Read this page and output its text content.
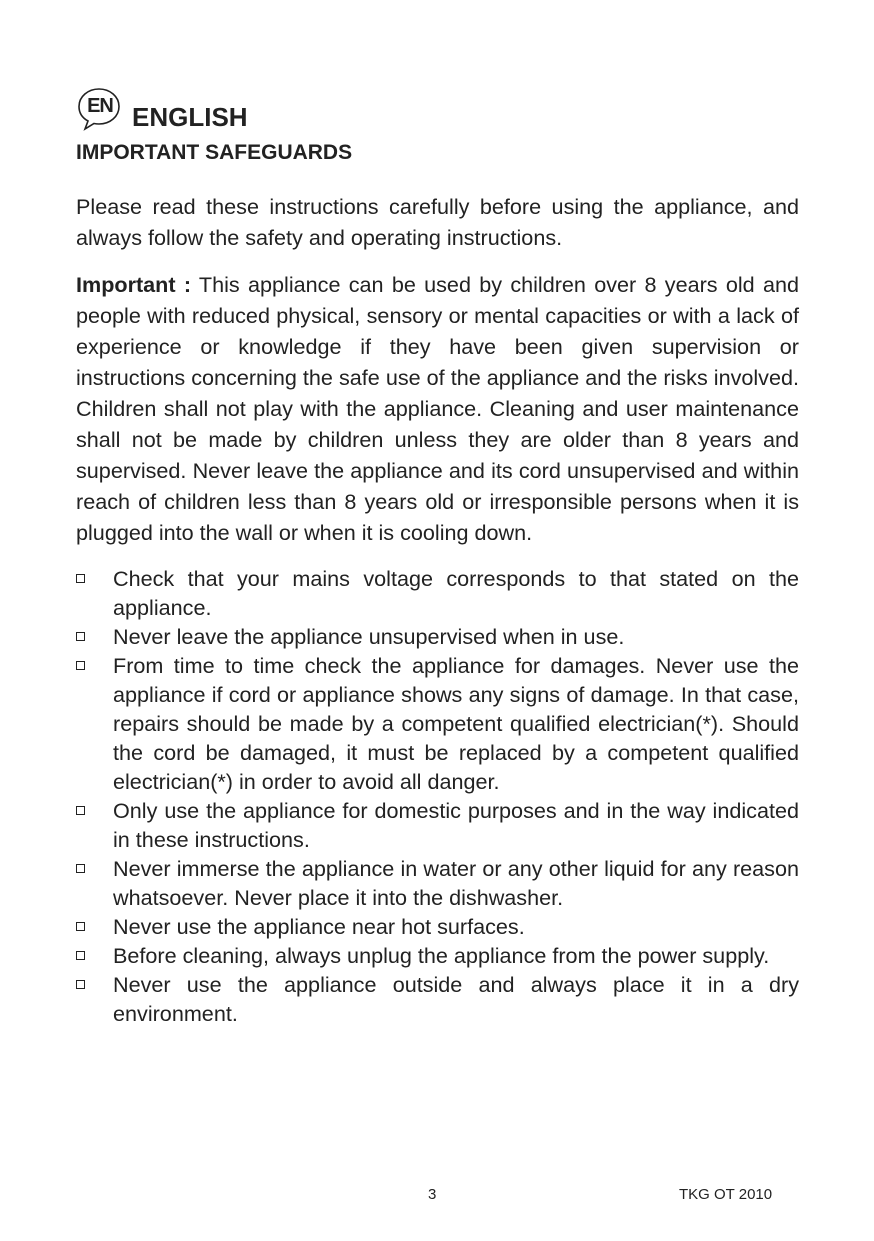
EN ENGLISH
IMPORTANT SAFEGUARDS

Please read these instructions carefully before using the appliance, and always follow the safety and operating instructions.

Important : This appliance can be used by children over 8 years old and people with reduced physical, sensory or mental capacities or with a lack of experience or knowledge if they have been given supervision or instructions concerning the safe use of the appliance and the risks involved. Children shall not play with the appliance. Cleaning and user maintenance shall not be made by children unless they are older than 8 years and supervised. Never leave the appliance and its cord unsupervised and within reach of children less than 8 years old or irresponsible persons when it is plugged into the wall or when it is cooling down.

Check that your mains voltage corresponds to that stated on the appliance.
Never leave the appliance unsupervised when in use.
From time to time check the appliance for damages. Never use the appliance if cord or appliance shows any signs of damage. In that case, repairs should be made by a competent qualified electrician(*). Should the cord be damaged, it must be replaced by a competent qualified electrician(*) in order to avoid all danger.
Only use the appliance for domestic purposes and in the way indicated in these instructions.
Never immerse the appliance in water or any other liquid for any reason whatsoever. Never place it into the dishwasher.
Never use the appliance near hot surfaces.
Before cleaning, always unplug the appliance from the power supply.
Never use the appliance outside and always place it in a dry environment.
3	TKG OT 2010
